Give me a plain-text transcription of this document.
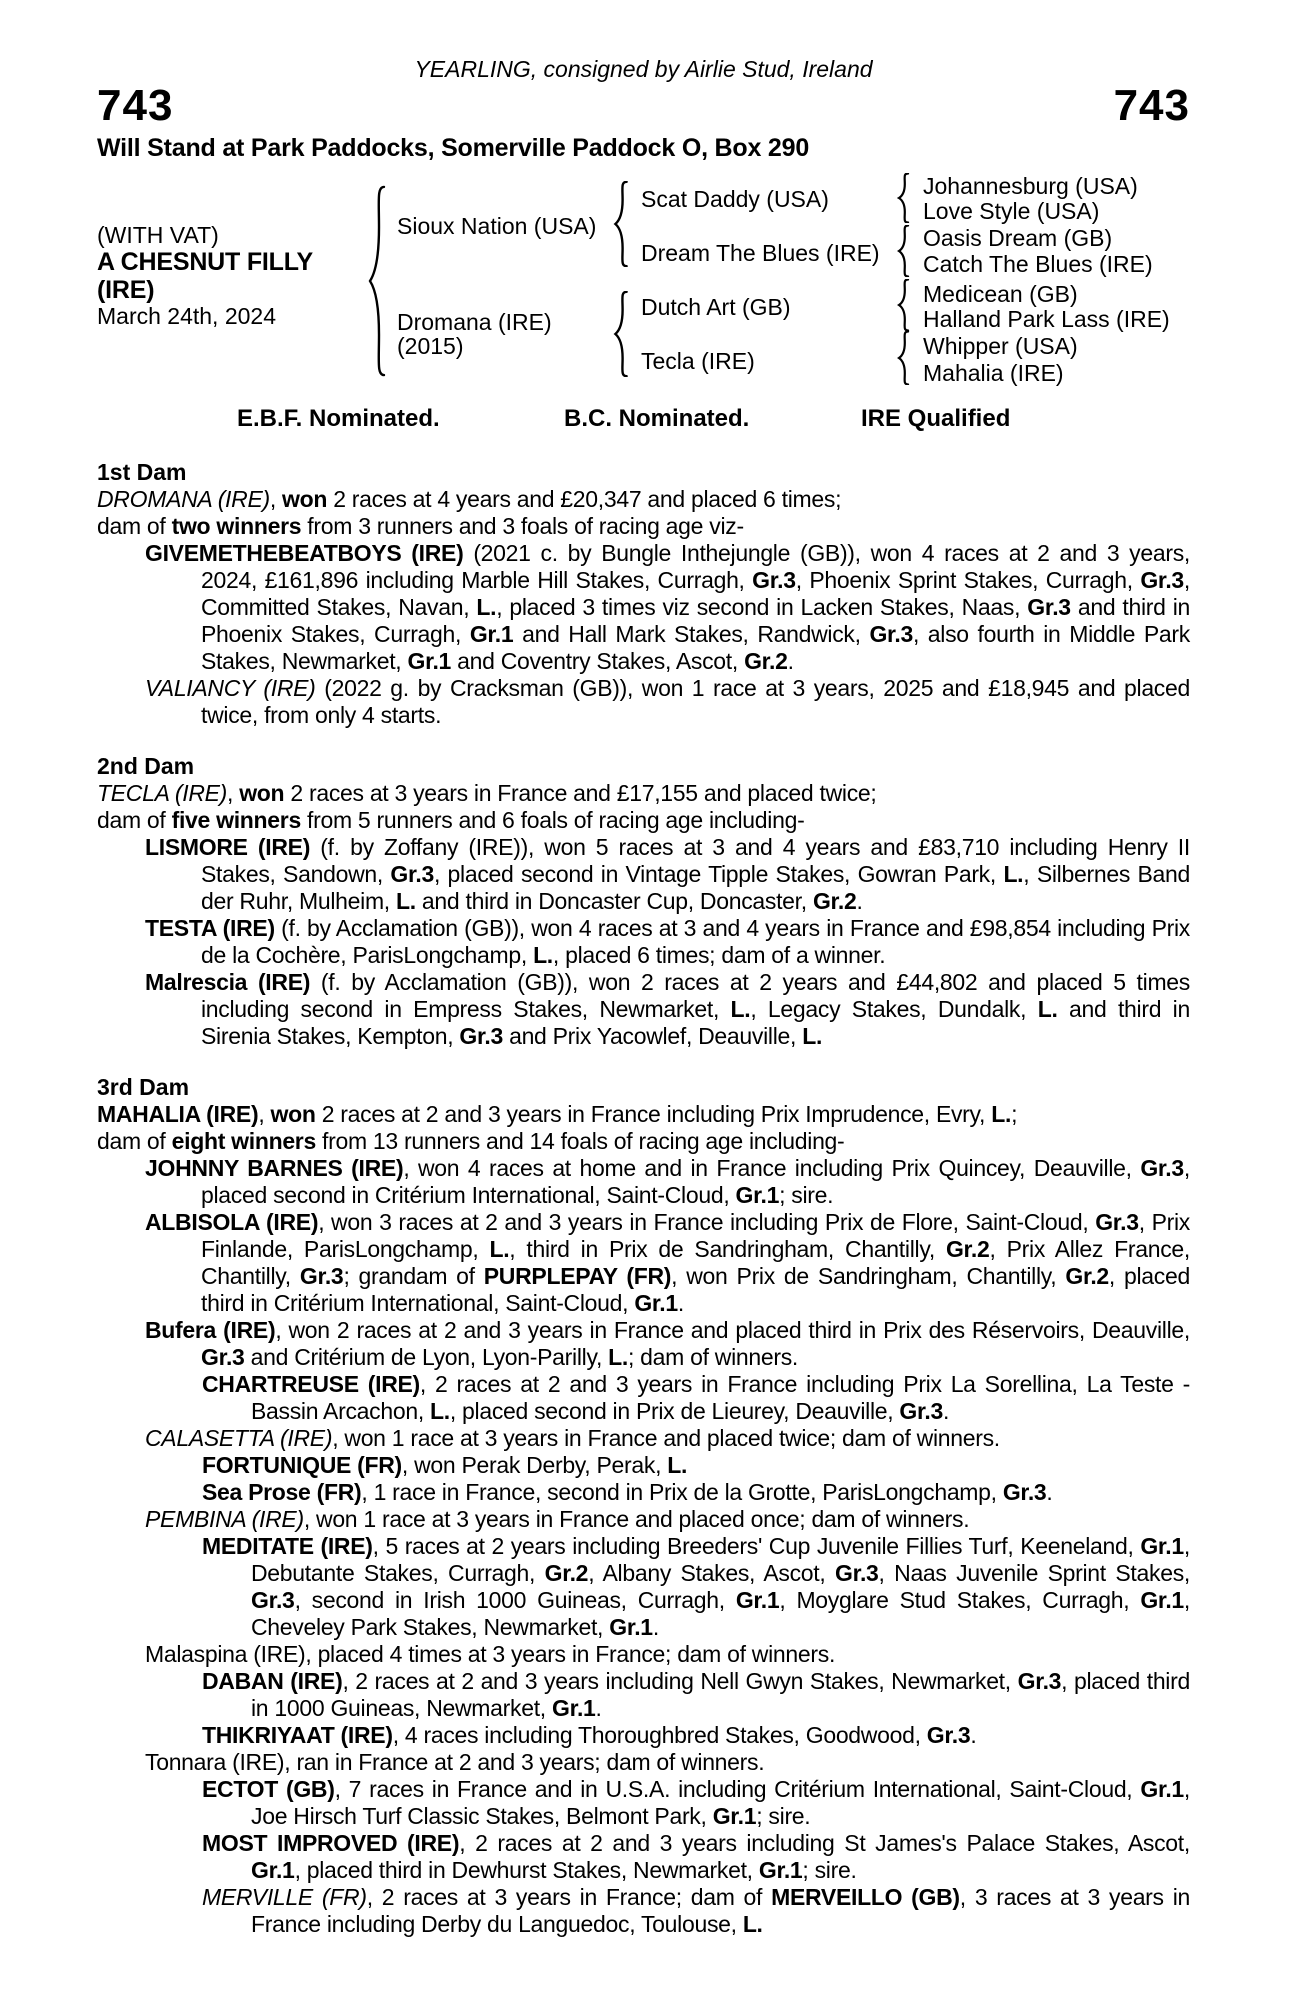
YEARLING, consigned by Airlie Stud, Ireland
743	743
Will Stand at Park Paddocks, Somerville Paddock O, Box 290
(WITH VAT)
A CHESNUT FILLY
(IRE)
March 24th, 2024
Sioux Nation (USA)
Dromana (IRE)
(2015)
Scat Daddy (USA)
Dream The Blues (IRE)
Dutch Art (GB)
Tecla (IRE)
Johannesburg (USA)
Love Style (USA)
Oasis Dream (GB)
Catch The Blues (IRE)
Medicean (GB)
Halland Park Lass (IRE)
Whipper (USA)
Mahalia (IRE)
E.B.F. Nominated.	B.C. Nominated.	IRE Qualified
1st Dam
DROMANA (IRE), won 2 races at 4 years and £20,347 and placed 6 times;
dam of two winners from 3 runners and 3 foals of racing age viz-
GIVEMETHEBEATBOYS (IRE) (2021 c. by Bungle Inthejungle (GB)), won 4 races at 2 and 3 years, 2024, £161,896 including Marble Hill Stakes, Curragh, Gr.3, Phoenix Sprint Stakes, Curragh, Gr.3, Committed Stakes, Navan, L., placed 3 times viz second in Lacken Stakes, Naas, Gr.3 and third in Phoenix Stakes, Curragh, Gr.1 and Hall Mark Stakes, Randwick, Gr.3, also fourth in Middle Park Stakes, Newmarket, Gr.1 and Coventry Stakes, Ascot, Gr.2.
VALIANCY (IRE) (2022 g. by Cracksman (GB)), won 1 race at 3 years, 2025 and £18,945 and placed twice, from only 4 starts.
2nd Dam
TECLA (IRE), won 2 races at 3 years in France and £17,155 and placed twice;
dam of five winners from 5 runners and 6 foals of racing age including-
LISMORE (IRE) (f. by Zoffany (IRE)), won 5 races at 3 and 4 years and £83,710 including Henry II Stakes, Sandown, Gr.3, placed second in Vintage Tipple Stakes, Gowran Park, L., Silbernes Band der Ruhr, Mulheim, L. and third in Doncaster Cup, Doncaster, Gr.2.
TESTA (IRE) (f. by Acclamation (GB)), won 4 races at 3 and 4 years in France and £98,854 including Prix de la Cochère, ParisLongchamp, L., placed 6 times; dam of a winner.
Malrescia (IRE) (f. by Acclamation (GB)), won 2 races at 2 years and £44,802 and placed 5 times including second in Empress Stakes, Newmarket, L., Legacy Stakes, Dundalk, L. and third in Sirenia Stakes, Kempton, Gr.3 and Prix Yacowlef, Deauville, L.
3rd Dam
MAHALIA (IRE), won 2 races at 2 and 3 years in France including Prix Imprudence, Evry, L.;
dam of eight winners from 13 runners and 14 foals of racing age including-
JOHNNY BARNES (IRE), won 4 races at home and in France including Prix Quincey, Deauville, Gr.3, placed second in Critérium International, Saint-Cloud, Gr.1; sire.
ALBISOLA (IRE), won 3 races at 2 and 3 years in France including Prix de Flore, Saint-Cloud, Gr.3, Prix Finlande, ParisLongchamp, L., third in Prix de Sandringham, Chantilly, Gr.2, Prix Allez France, Chantilly, Gr.3; grandam of PURPLEPAY (FR), won Prix de Sandringham, Chantilly, Gr.2, placed third in Critérium International, Saint-Cloud, Gr.1.
Bufera (IRE), won 2 races at 2 and 3 years in France and placed third in Prix des Réservoirs, Deauville, Gr.3 and Critérium de Lyon, Lyon-Parilly, L.; dam of winners.
CHARTREUSE (IRE), 2 races at 2 and 3 years in France including Prix La Sorellina, La Teste - Bassin Arcachon, L., placed second in Prix de Lieurey, Deauville, Gr.3.
CALASETTA (IRE), won 1 race at 3 years in France and placed twice; dam of winners.
FORTUNIQUE (FR), won Perak Derby, Perak, L.
Sea Prose (FR), 1 race in France, second in Prix de la Grotte, ParisLongchamp, Gr.3.
PEMBINA (IRE), won 1 race at 3 years in France and placed once; dam of winners.
MEDITATE (IRE), 5 races at 2 years including Breeders' Cup Juvenile Fillies Turf, Keeneland, Gr.1, Debutante Stakes, Curragh, Gr.2, Albany Stakes, Ascot, Gr.3, Naas Juvenile Sprint Stakes, Gr.3, second in Irish 1000 Guineas, Curragh, Gr.1, Moyglare Stud Stakes, Curragh, Gr.1, Cheveley Park Stakes, Newmarket, Gr.1.
Malaspina (IRE), placed 4 times at 3 years in France; dam of winners.
DABAN (IRE), 2 races at 2 and 3 years including Nell Gwyn Stakes, Newmarket, Gr.3, placed third in 1000 Guineas, Newmarket, Gr.1.
THIKRIYAAT (IRE), 4 races including Thoroughbred Stakes, Goodwood, Gr.3.
Tonnara (IRE), ran in France at 2 and 3 years; dam of winners.
ECTOT (GB), 7 races in France and in U.S.A. including Critérium International, Saint-Cloud, Gr.1, Joe Hirsch Turf Classic Stakes, Belmont Park, Gr.1; sire.
MOST IMPROVED (IRE), 2 races at 2 and 3 years including St James's Palace Stakes, Ascot, Gr.1, placed third in Dewhurst Stakes, Newmarket, Gr.1; sire.
MERVILLE (FR), 2 races at 3 years in France; dam of MERVEILLO (GB), 3 races at 3 years in France including Derby du Languedoc, Toulouse, L.
